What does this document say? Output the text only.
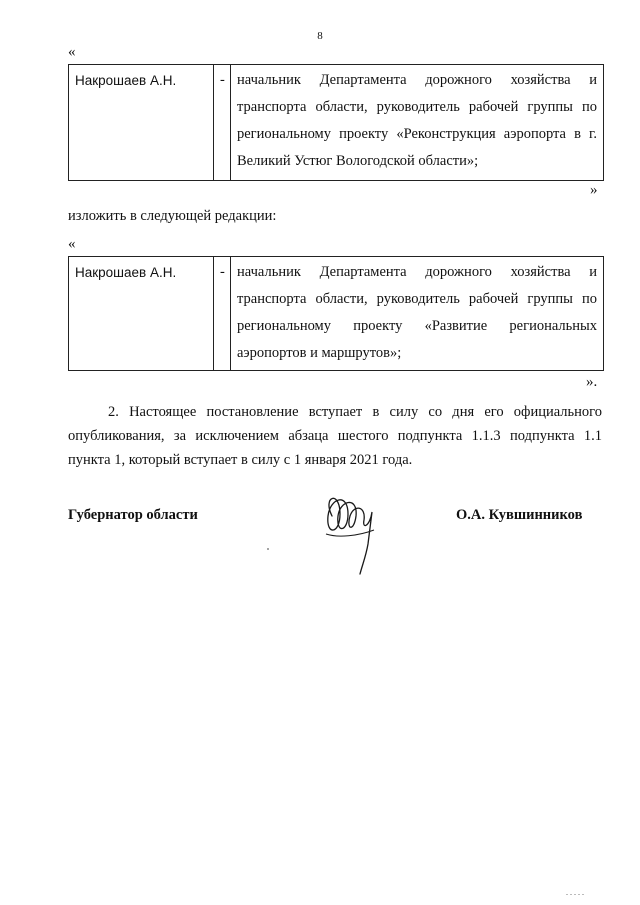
8
«
Накрошаев А.Н.	-	начальник Департамента дорожного хозяйства и транспорта области, руководитель рабочей группы по региональному проекту «Реконструкция аэропорта в г. Великий Устюг Вологодской области»;
»
изложить в следующей редакции:
«
Накрошаев А.Н.	-	начальник Департамента дорожного хозяйства и транспорта области, руководитель рабочей группы по региональному проекту «Развитие региональных аэропортов и маршрутов»;
».
2. Настоящее постановление вступает в силу со дня его официального опубликования, за исключением абзаца шестого подпункта 1.1.3 подпункта 1.1 пункта 1, который вступает в силу с 1 января 2021 года.
Губернатор области	О.А. Кувшинников
